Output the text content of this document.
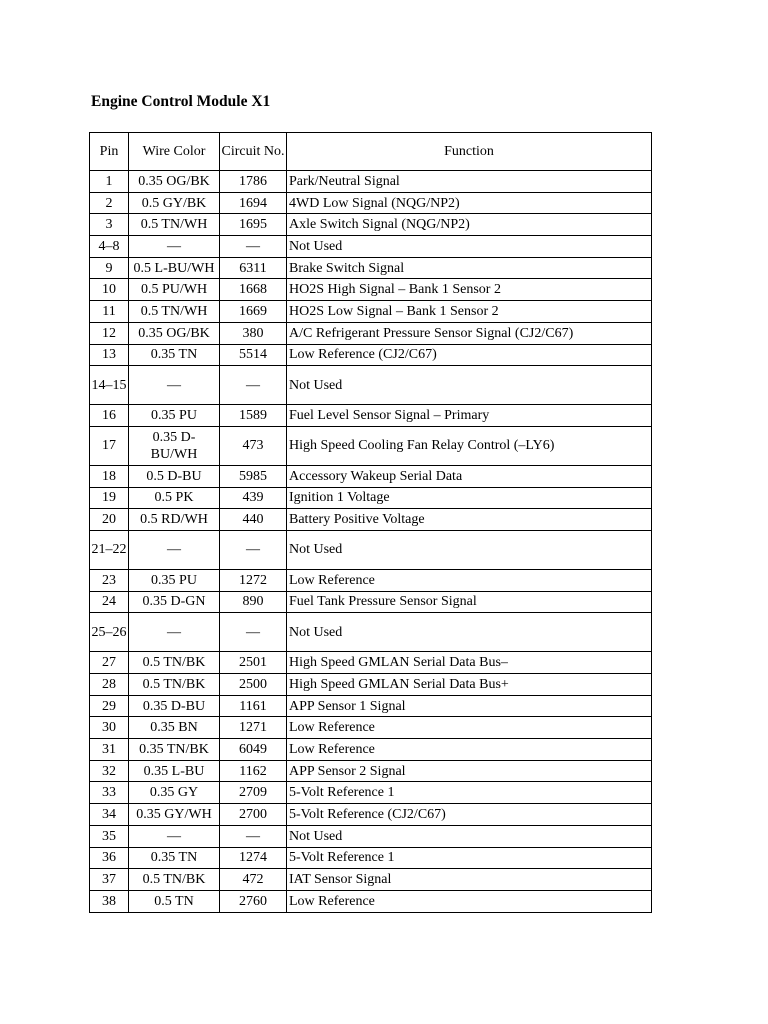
Engine Control Module X1
Pin	Wire Color	Circuit No.	Function
1	0.35 OG/BK	1786	Park/Neutral Signal
2	0.5 GY/BK	1694	4WD Low Signal (NQG/NP2)
3	0.5 TN/WH	1695	Axle Switch Signal (NQG/NP2)
4–8	—	—	Not Used
9	0.5 L-BU/WH	6311	Brake Switch Signal
10	0.5 PU/WH	1668	HO2S High Signal – Bank 1 Sensor 2
11	0.5 TN/WH	1669	HO2S Low Signal – Bank 1 Sensor 2
12	0.35 OG/BK	380	A/C Refrigerant Pressure Sensor Signal (CJ2/C67)
13	0.35 TN	5514	Low Reference (CJ2/C67)
14–15	—	—	Not Used
16	0.35 PU	1589	Fuel Level Sensor Signal – Primary
17	0.35 D-BU/WH	473	High Speed Cooling Fan Relay Control (–LY6)
18	0.5 D-BU	5985	Accessory Wakeup Serial Data
19	0.5 PK	439	Ignition 1 Voltage
20	0.5 RD/WH	440	Battery Positive Voltage
21–22	—	—	Not Used
23	0.35 PU	1272	Low Reference
24	0.35 D-GN	890	Fuel Tank Pressure Sensor Signal
25–26	—	—	Not Used
27	0.5 TN/BK	2501	High Speed GMLAN Serial Data Bus–
28	0.5 TN/BK	2500	High Speed GMLAN Serial Data Bus+
29	0.35 D-BU	1161	APP Sensor 1 Signal
30	0.35 BN	1271	Low Reference
31	0.35 TN/BK	6049	Low Reference
32	0.35 L-BU	1162	APP Sensor 2 Signal
33	0.35 GY	2709	5-Volt Reference 1
34	0.35 GY/WH	2700	5-Volt Reference (CJ2/C67)
35	—	—	Not Used
36	0.35 TN	1274	5-Volt Reference 1
37	0.5 TN/BK	472	IAT Sensor Signal
38	0.5 TN	2760	Low Reference
